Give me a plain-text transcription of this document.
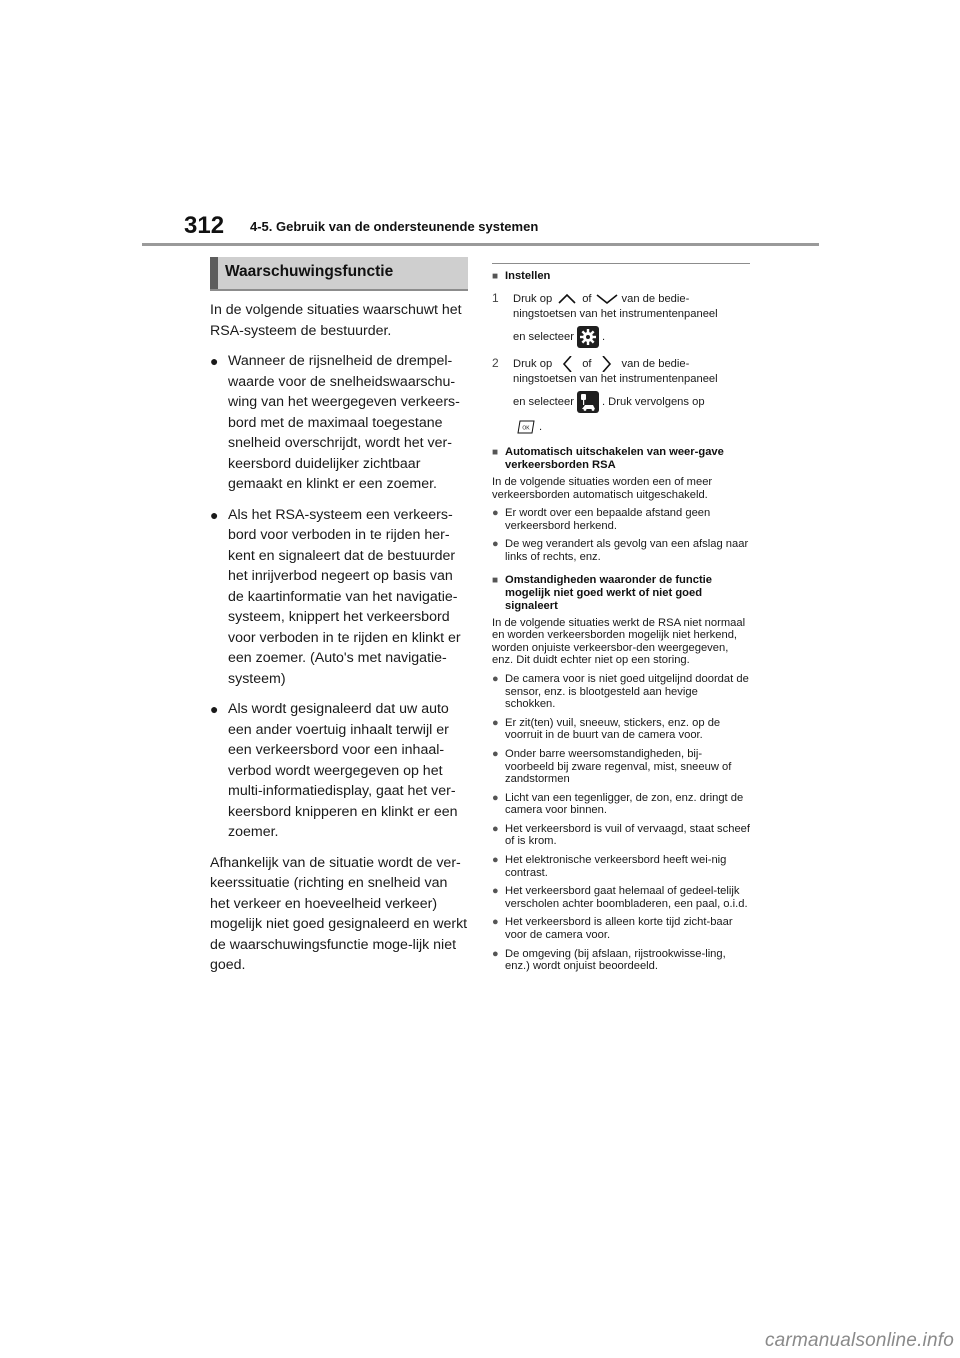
312 4-5. Gebruik van de ondersteunende systemen
Waarschuwingsfunctie

In de volgende situaties waarschuwt het RSA-systeem de bestuurder.

● Wanneer de rijsnelheid de drempel-waarde voor de snelheidswaarschu-wing van het weergegeven verkeers-bord met de maximaal toegestane snelheid overschrijdt, wordt het ver-keersbord duidelijker zichtbaar gemaakt en klinkt er een zoemer.
● Als het RSA-systeem een verkeers-bord voor verboden in te rijden her-kent en signaleert dat de bestuurder het inrijverbod negeert op basis van de kaartinformatie van het navigatie-systeem, knippert het verkeersbord voor verboden in te rijden en klinkt er een zoemer. (Auto's met navigatie-systeem)
● Als wordt gesignaleerd dat uw auto een ander voertuig inhaalt terwijl er een verkeersbord voor een inhaal-verbod wordt weergegeven op het multi-informatiedisplay, gaat het ver-keersbord knipperen en klinkt er een zoemer.

Afhankelijk van de situatie wordt de ver-keerssituatie (richting en snelheid van het verkeer en hoeveelheid verkeer) mogelijk niet goed gesignaleerd en werkt de waarschuwingsfunctie moge-lijk niet goed.

■ Instellen
1	Druk op	of	van de bedie-
ningstoetsen van het instrumentenpaneel
en selecteer	.
2	Druk op	of	van de bedie-
ningstoetsen van het instrumentenpaneel
en selecteer	. Druk vervolgens op
OK .
■ Automatisch uitschakelen van weer-gave verkeersborden RSA

In de volgende situaties worden een of meer verkeersborden automatisch uitgeschakeld.

● Er wordt over een bepaalde afstand geen verkeersbord herkend.
● De weg verandert als gevolg van een afslag naar links of rechts, enz.
■ Omstandigheden waaronder de functie mogelijk niet goed werkt of niet goed signaleert

In de volgende situaties werkt de RSA niet normaal en worden verkeersborden mogelijk niet herkend, worden onjuiste verkeersbor-den weergegeven, enz. Dit duidt echter niet op een storing.

● De camera voor is niet goed uitgelijnd doordat de sensor, enz. is blootgesteld aan hevige schokken.
● Er zit(ten) vuil, sneeuw, stickers, enz. op de voorruit in de buurt van de camera voor.
● Onder barre weersomstandigheden, bij-voorbeeld bij zware regenval, mist, sneeuw of zandstormen
● Licht van een tegenligger, de zon, enz. dringt de camera voor binnen.
● Het verkeersbord is vuil of vervaagd, staat scheef of is krom.
● Het elektronische verkeersbord heeft wei-nig contrast.
● Het verkeersbord gaat helemaal of gedeel-telijk verscholen achter boombladeren, een paal, o.i.d.
● Het verkeersbord is alleen korte tijd zicht-baar voor de camera voor.
● De omgeving (bij afslaan, rijstrookwisse-ling, enz.) wordt onjuist beoordeeld.
carmanualsonline.info
